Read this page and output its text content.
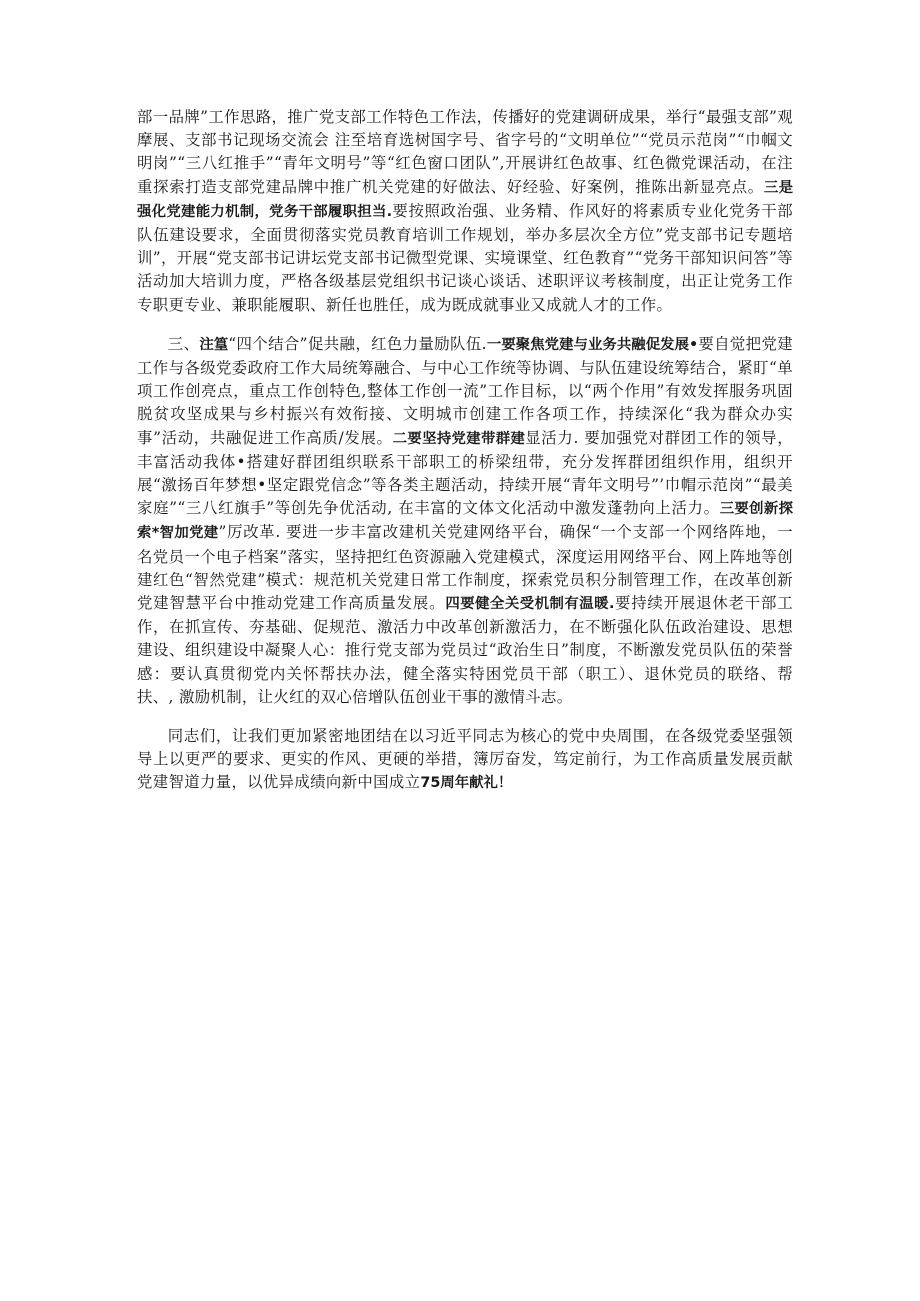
部一品牌”工作思路，推广党支部工作特色工作法，传播好的党建调研成果，举行“最强支部”观摩展、支部书记现场交流会 注至培育选树国字号、省字号的“文明单位”“党员示范岗”“巾帼文明岗”“三八红推手”“青年文明号”等“红色窗口团队”,开展讲红色故事、红色微党课活动，在注重探索打造支部党建品牌中推广机关党建的好做法、好经验、好案例，推陈出新显亮点。三是强化党建能力机制，党务干部履职担当.要按照政治强、业务精、作风好的将素质专业化党务干部队伍建设要求，全面贯彻落实党员教育培训工作规划，举办多层次全方位”党支部书记专题培训”，开展“党支部书记讲坛党支部书记微型党课、实境课堂、红色教育”“党务干部知识问答”等活动加大培训力度，严格各级基层党组织书记谈心谈话、述职评议考核制度，出正让党务工作专职更专业、兼职能履职、新任也胜任，成为既成就事业又成就人才的工作。

三、注篁“四个结合”促共融，红色力量励队伍.一要聚焦党建与业务共融促发展•要自觉把党建工作与各级党委政府工作大局统筹融合、与中心工作统等协调、与队伍建设统筹结合，紧盯“单项工作创亮点，重点工作创特色,整体工作创一流”工作目标，以“两个作用”有效发挥服务巩固脱贫攻坚成果与乡村振兴有效衔接、文明城市创建工作各项工作，持续深化“我为群众办实事”活动，共融促进工作高质/发展。二要坚持党建带群建显活力. 要加强党对群团工作的领导，丰富活动我体•搭建好群团组织联系干部职工的桥梁纽带，充分发挥群团组织作用，组织开展“激扬百年梦想•坚定跟党信念”等各类主题活动，持续开展“青年文明号”’巾帽示范岗”“最美家庭”“三八红旗手”等创先争优活动, 在丰富的文体文化活动中激发蓬勃向上活力。三要创新探索*智加党建”厉改革. 要进一步丰富改建机关党建网络平台，确保“一个支部一个网络阵地，一名党员一个电子档案”落实，坚持把红色资源融入党建模式，深度运用网络平台、网上阵地等创建红色“智然党建”模式：规范机关党建日常工作制度，探索党员积分制管理工作，在改革创新党建智慧平台中推动党建工作高质量发展。四要健全关受机制有温暖.要持续开展退休老干部工作，在抓宣传、夯基础、促规范、激活力中改革创新激活力，在不断强化队伍政治建设、思想建设、组织建设中凝聚人心：推行党支部为党员过“政治生日”制度，不断激发党员队伍的荣誉感：要认真贯彻党内关怀帮扶办法，健全落实特困党员干部（职工）、退休党员的联络、帮扶、, 激励机制，让火红的双心倍增队伍创业干事的激情斗志。

同志们，让我们更加紧密地团结在以习近平同志为核心的党中央周围，在各级党委坚强领导上以更严的要求、更实的作风、更硬的举措，簿厉奋发，笃定前行，为工作高质量发展贡献党建智道力量，以优异成绩向新中国成立75周年献礼！
